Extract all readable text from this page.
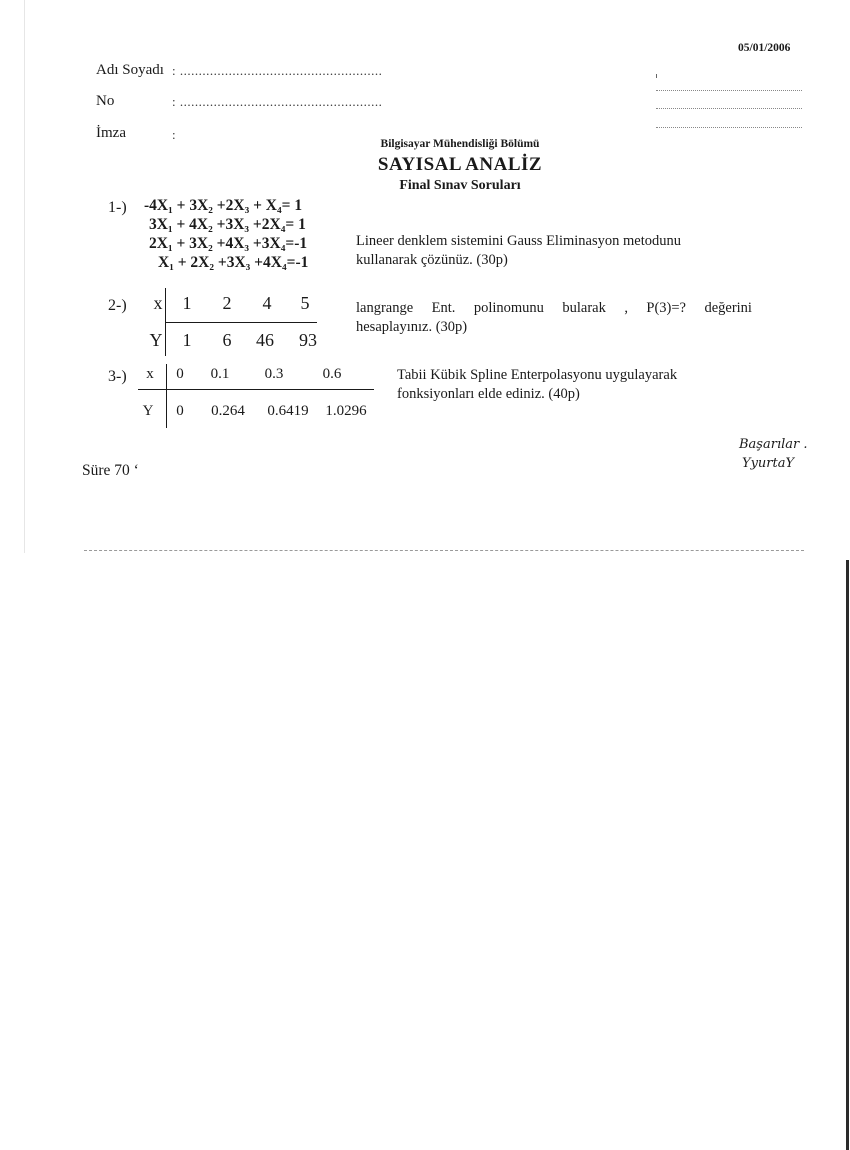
05/01/2006
Adı Soyadı : ......................................................
No	: ......................................................
İmza	:
Bilgisayar Mühendisliği Bölümü
SAYISAL ANALİZ
Final Sınav Soruları
1-) -4X₁ + 3X₂ +2X₃ + X₄= 1
3X₁ + 4X₂ +3X₃ +2X₄= 1
2X₁ + 3X₂ +4X₃ +3X₄=-1
X₁ + 2X₂ +3X₃ +4X₄=-1
Lineer denklem sistemini Gauss Eliminasyon metodunu kullanarak çözünüz. (30p)
2-) x	1	2	4	5
Y	1	6	46	93
langrange Ent. polinomunu bularak , P(3)=? değerini
hesaplayınız. (30p)
3-) x 0	0.1	0.3	0.6
Y 0	0.264	0.6419	1.0296
Tabii Kübik Spline Enterpolasyonu uygulayarak fonksiyonları elde ediniz. (40p)
Süre 70 ‘
Başarılar .
YyurtaY
